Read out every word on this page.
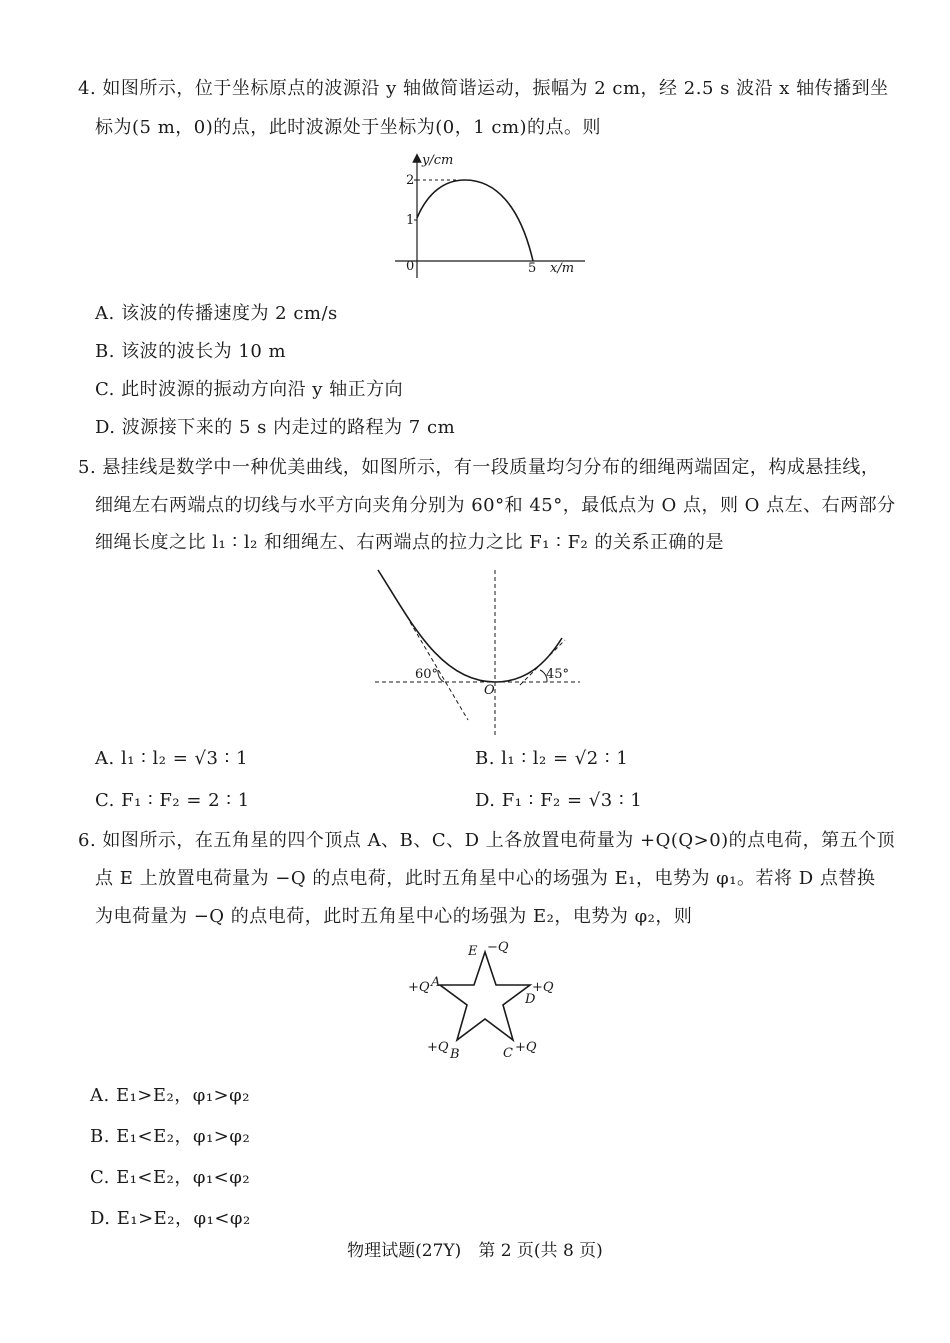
4. 如图所示，位于坐标原点的波源沿 y 轴做简谐运动，振幅为 2 cm，经 2.5 s 波沿 x 轴传播到坐
标为(5 m，0)的点，此时波源处于坐标为(0，1 cm)的点。则
y/cm
2
1
0	5 x/m
A. 该波的传播速度为 2 cm/s
B. 该波的波长为 10 m
C. 此时波源的振动方向沿 y 轴正方向
D. 波源接下来的 5 s 内走过的路程为 7 cm
5. 悬挂线是数学中一种优美曲线，如图所示，有一段质量均匀分布的细绳两端固定，构成悬挂线，
细绳左右两端点的切线与水平方向夹角分别为 60°和 45°，最低点为 O 点，则 O 点左、右两部分
细绳长度之比 l₁ ∶ l₂ 和细绳左、右两端点的拉力之比 F₁ ∶ F₂ 的关系正确的是
60°	45°
O
A. l₁ ∶ l₂ = √3 ∶ 1	B. l₁ ∶ l₂ = √2 ∶ 1
C. F₁ ∶ F₂ = 2 ∶ 1	D. F₁ ∶ F₂ = √3 ∶ 1
6. 如图所示，在五角星的四个顶点 A、B、C、D 上各放置电荷量为 +Q(Q>0)的点电荷，第五个顶
点 E 上放置电荷量为 −Q 的点电荷，此时五角星中心的场强为 E₁，电势为 φ₁。若将 D 点替换
为电荷量为 −Q 的点电荷，此时五角星中心的场强为 E₂，电势为 φ₂，则
E −Q
A
+Q
D
+Q
B
+Q	C +Q
A. E₁>E₂，φ₁>φ₂
B. E₁<E₂，φ₁>φ₂
C. E₁<E₂，φ₁<φ₂
D. E₁>E₂，φ₁<φ₂
物理试题(27Y)　第 2 页(共 8 页)
